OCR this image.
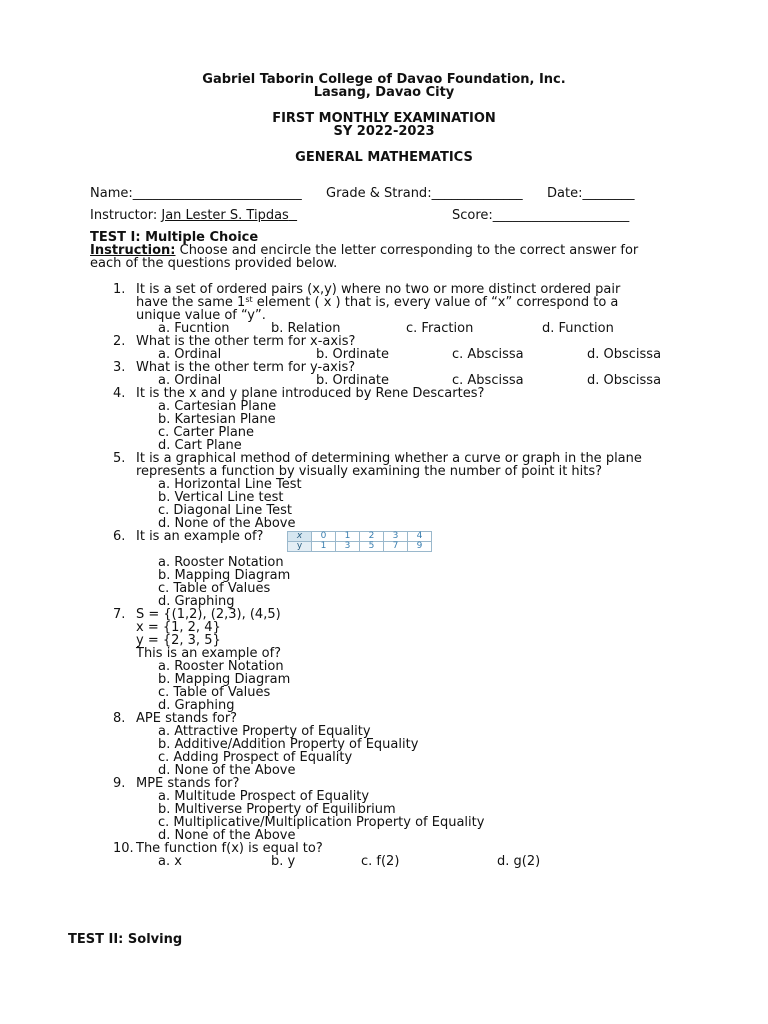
Gabriel Taborin College of Davao Foundation, Inc.
Lasang, Davao City
FIRST MONTHLY EXAMINATION
SY 2022-2023
GENERAL MATHEMATICS
Name:__________________________ Grade & Strand:______________ Date:________
Instructor: Jan Lester S. Tipdas	Score:_____________________
TEST I: Multiple Choice
Instruction: Choose and encircle the letter corresponding to the correct answer for
each of the questions provided below.
1. It is a set of ordered pairs (x,y) where no two or more distinct ordered pair
have the same 1st element ( x ) that is, every value of “x” correspond to a
unique value of “y”.
a. Fucntion	b. Relation	c. Fraction	d. Function
2. What is the other term for x-axis?
a. Ordinal	b. Ordinate	c. Abscissa	d. Obscissa
3. What is the other term for y-axis?
a. Ordinal	b. Ordinate	c. Abscissa	d. Obscissa
4. It is the x and y plane introduced by Rene Descartes?
a. Cartesian Plane
b. Kartesian Plane
c. Carter Plane
d. Cart Plane
5. It is a graphical method of determining whether a curve or graph in the plane
represents a function by visually examining the number of point it hits?
a. Horizontal Line Test
b. Vertical Line test
c. Diagonal Line Test
d. None of the Above
6. It is an example of?	x	0	1	2	3	4
y	1	3	5	7	9
a. Rooster Notation
b. Mapping Diagram
c. Table of Values
d. Graphing
7. S = {(1,2), (2,3), (4,5)
x = {1, 2, 4}
y = {2, 3, 5}
This is an example of?
a. Rooster Notation
b. Mapping Diagram
c. Table of Values
d. Graphing
8. APE stands for?
a. Attractive Property of Equality
b. Additive/Addition Property of Equality
c. Adding Prospect of Equality
d. None of the Above
9. MPE stands for?
a. Multitude Prospect of Equality
b. Multiverse Property of Equilibrium
c. Multiplicative/Multiplication Property of Equality
d. None of the Above
10. The function f(x) is equal to?
a. x	b. y	c. f(2)	d. g(2)
TEST II: Solving
